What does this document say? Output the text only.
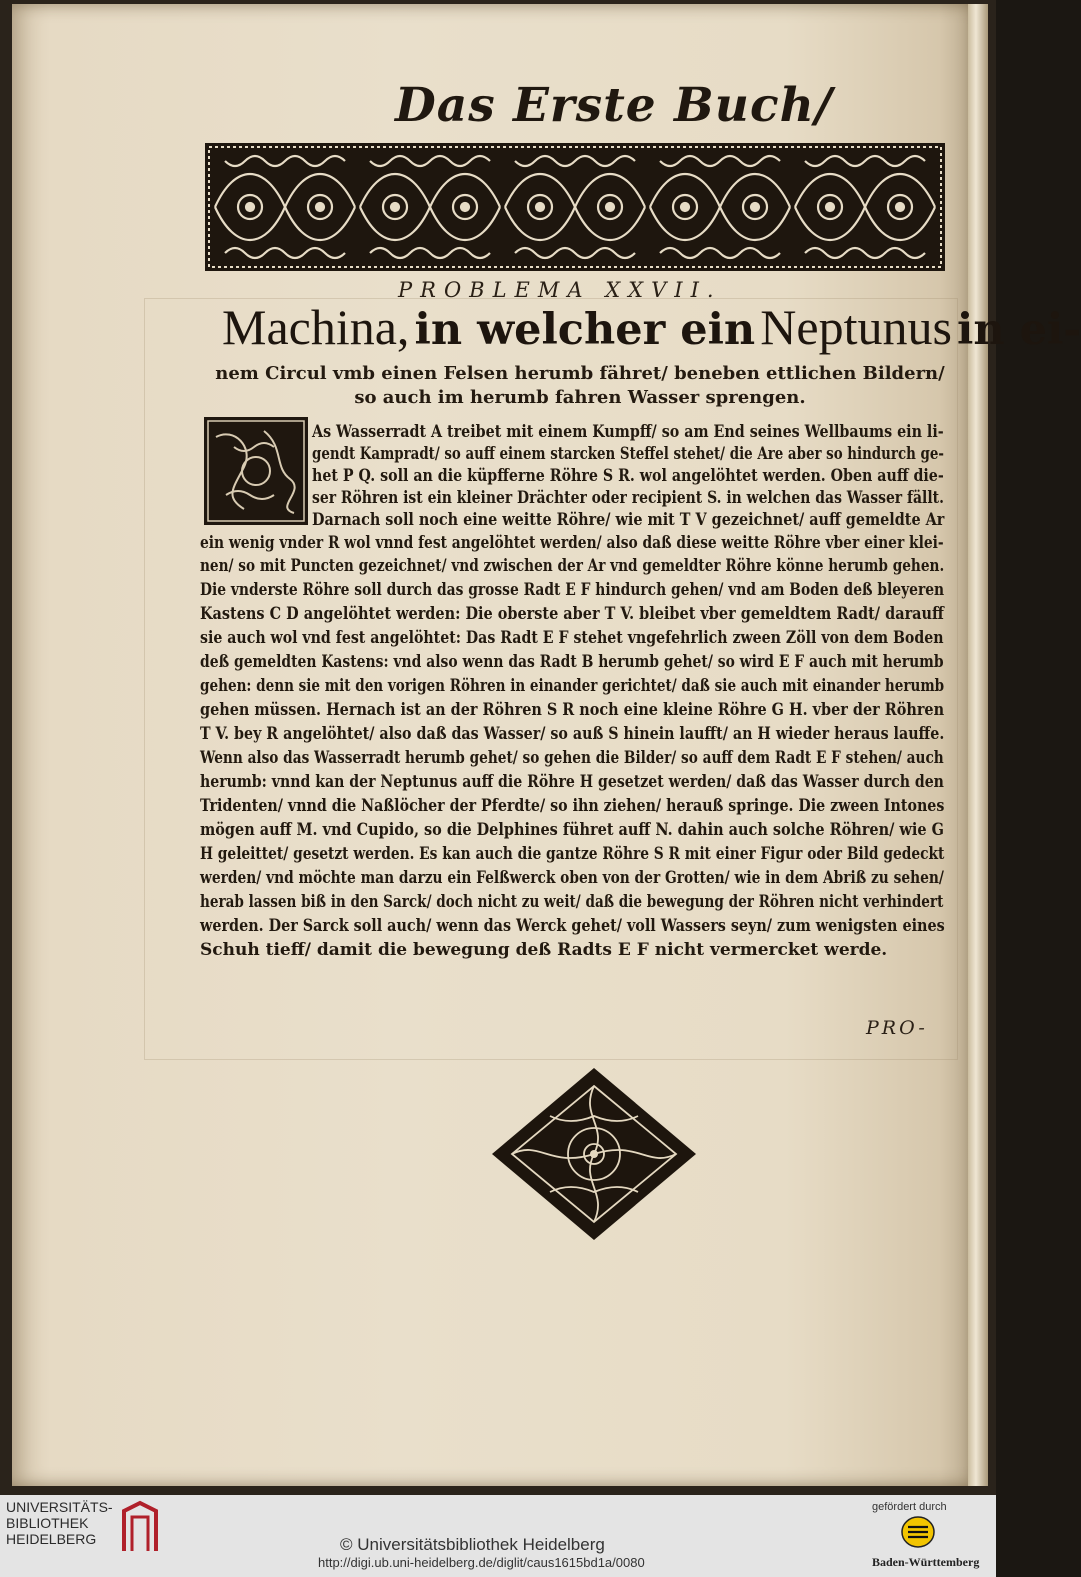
Das Erste Buch/
PROBLEMA XXVII.
Machina, in welcher ein Neptunus in ei-
nem Circul vmb einen Felsen herumb fähret/ beneben ettlichen Bildern/
so auch im herumb fahren Wasser sprengen.
As Wasserradt A treibet mit einem Kumpff/ so am End seines Wellbaums ein li-
gendt Kampradt/ so auff einem starcken Steffel stehet/ die Are aber so hindurch ge-
het P Q. soll an die küpfferne Röhre S R. wol angelöhtet werden. Oben auff die-
ser Röhren ist ein kleiner Drächter oder recipient S. in welchen das Wasser fällt.
Darnach soll noch eine weitte Röhre/ wie mit T V gezeichnet/ auff gemeldte Ar
ein wenig vnder R wol vnnd fest angelöhtet werden/ also daß diese weitte Röhre vber einer klei-
nen/ so mit Puncten gezeichnet/ vnd zwischen der Ar vnd gemeldter Röhre könne herumb gehen.
Die vnderste Röhre soll durch das grosse Radt E F hindurch gehen/ vnd am Boden deß bleyeren
Kastens C D angelöhtet werden: Die oberste aber T V. bleibet vber gemeldtem Radt/ darauff
sie auch wol vnd fest angelöhtet: Das Radt E F stehet vngefehrlich zween Zöll von dem Boden
deß gemeldten Kastens: vnd also wenn das Radt B herumb gehet/ so wird E F auch mit herumb
gehen: denn sie mit den vorigen Röhren in einander gerichtet/ daß sie auch mit einander herumb
gehen müssen. Hernach ist an der Röhren S R noch eine kleine Röhre G H. vber der Röhren
T V. bey R angelöhtet/ also daß das Wasser/ so auß S hinein laufft/ an H wieder heraus lauffe.
Wenn also das Wasserradt herumb gehet/ so gehen die Bilder/ so auff dem Radt E F stehen/ auch
herumb: vnnd kan der Neptunus auff die Röhre H gesetzet werden/ daß das Wasser durch den
Tridenten/ vnnd die Naßlöcher der Pferdte/ so ihn ziehen/ herauß springe. Die zween Intones
mögen auff M. vnd Cupido, so die Delphines führet auff N. dahin auch solche Röhren/ wie G
H geleittet/ gesetzt werden. Es kan auch die gantze Röhre S R mit einer Figur oder Bild gedeckt
werden/ vnd möchte man darzu ein Felßwerck oben von der Grotten/ wie in dem Abriß zu sehen/
herab lassen biß in den Sarck/ doch nicht zu weit/ daß die bewegung der Röhren nicht verhindert
werden. Der Sarck soll auch/ wenn das Werck gehet/ voll Wassers seyn/ zum wenigsten eines
Schuh tieff/ damit die bewegung deß Radts E F nicht vermercket werde.
PRO-
UNIVERSITÄTS-
BIBLIOTHEK
HEIDELBERG	© Universitätsbibliothek Heidelberg
http://digi.ub.uni-heidelberg.de/diglit/caus1615bd1a/0080
gefördert durch
Baden-Württemberg
